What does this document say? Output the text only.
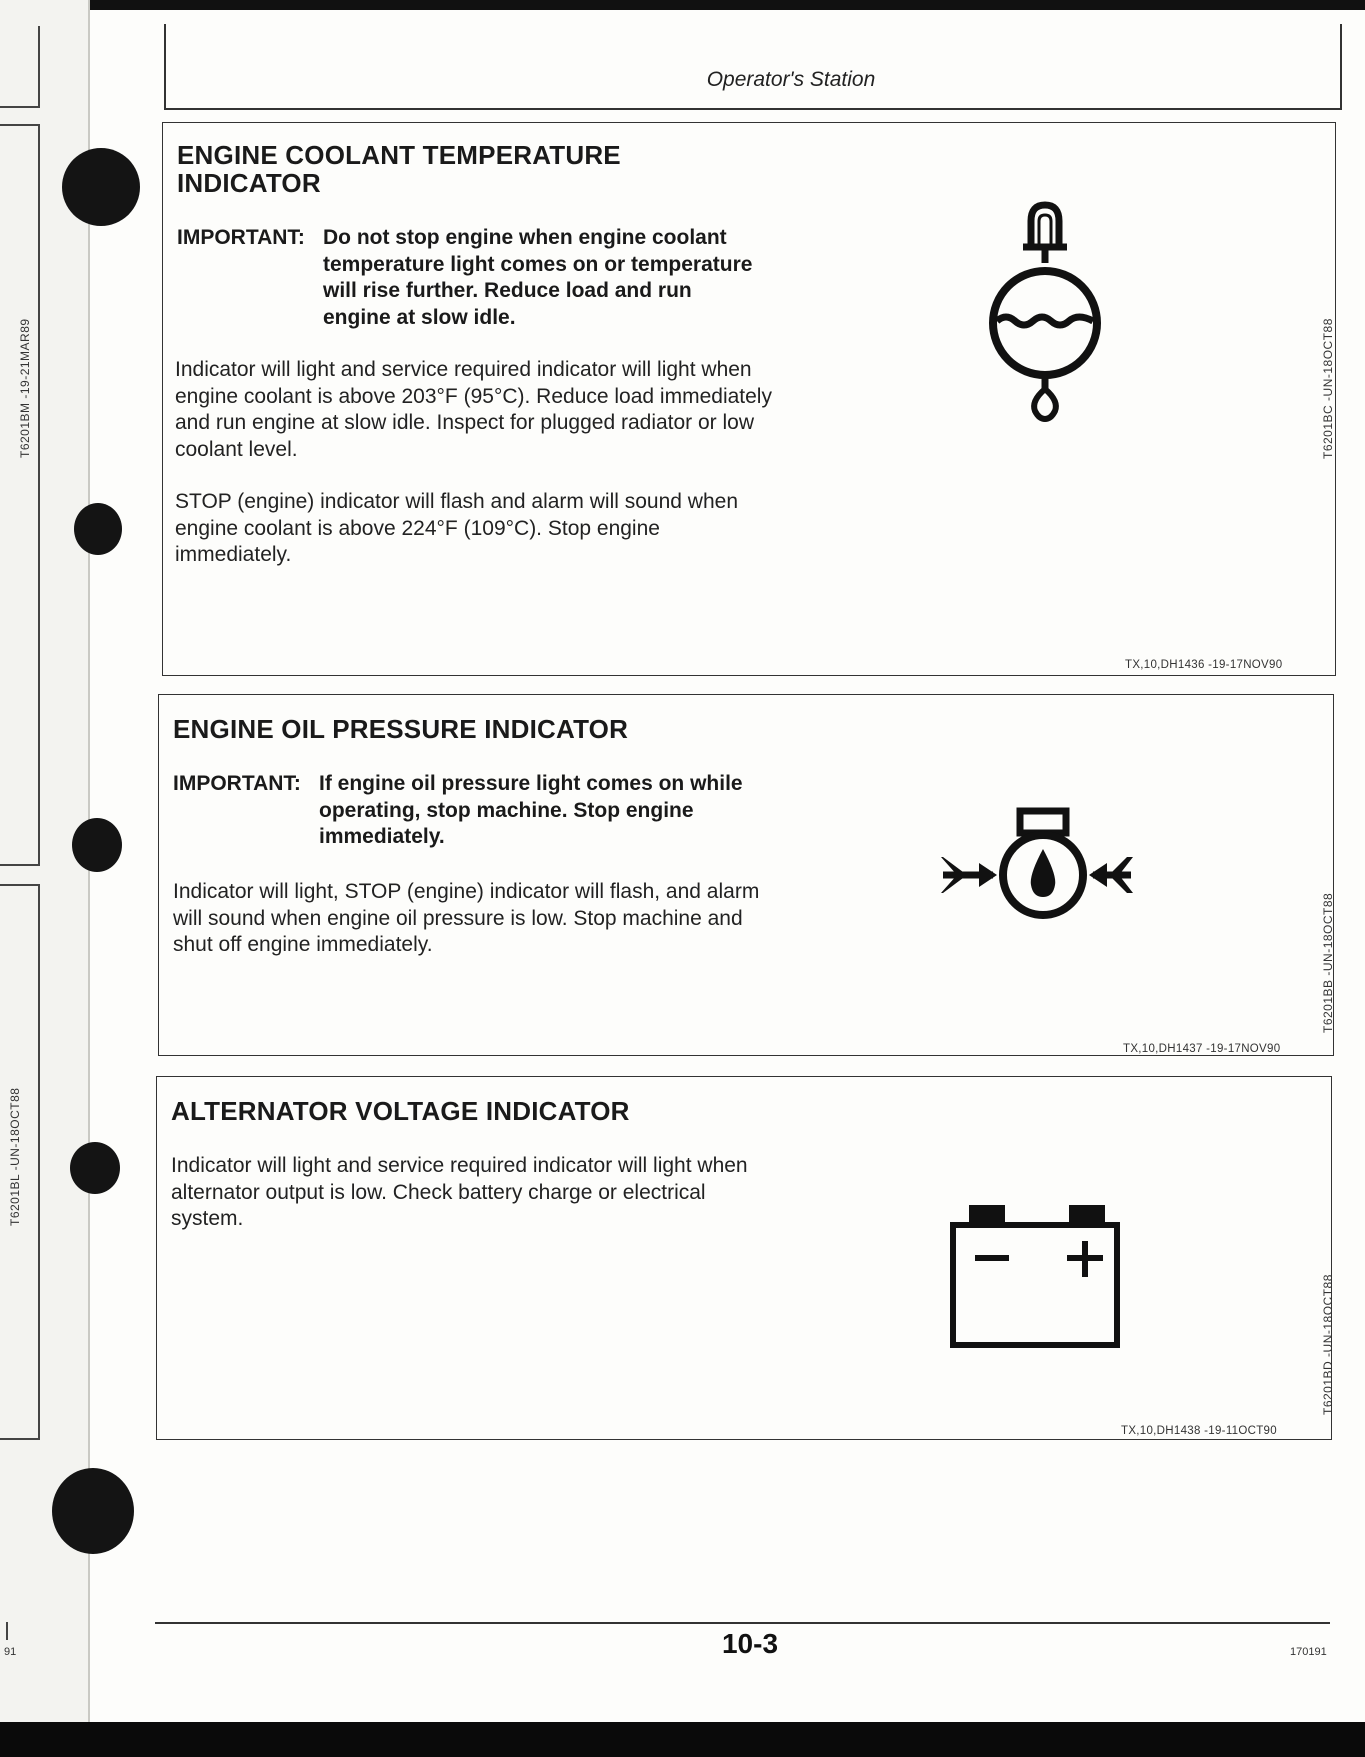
T6201BM -19-21MAR89
T6201BL -UN-18OCT88
Operator's Station
ENGINE COOLANT TEMPERATURE INDICATOR
IMPORTANT: Do not stop engine when engine coolant temperature light comes on or temperature will rise further. Reduce load and run engine at slow idle.
Indicator will light and service required indicator will light when engine coolant is above 203°F (95°C). Reduce load immediately and run engine at slow idle. Inspect for plugged radiator or low coolant level.
STOP (engine) indicator will flash and alarm will sound when engine coolant is above 224°F (109°C). Stop engine immediately.
T6201BC -UN-18OCT88
TX,10,DH1436 -19-17NOV90
ENGINE OIL PRESSURE INDICATOR
IMPORTANT: If engine oil pressure light comes on while operating, stop machine. Stop engine immediately.
Indicator will light, STOP (engine) indicator will flash, and alarm will sound when engine oil pressure is low. Stop machine and shut off engine immediately.	T6201BB -UN-18OCT88
TX,10,DH1437 -19-17NOV90
ALTERNATOR VOLTAGE INDICATOR
Indicator will light and service required indicator will light when alternator output is low. Check battery charge or electrical system.
T6201BD -UN-18OCT88
TX,10,DH1438 -19-11OCT90
10-3
91	170191
